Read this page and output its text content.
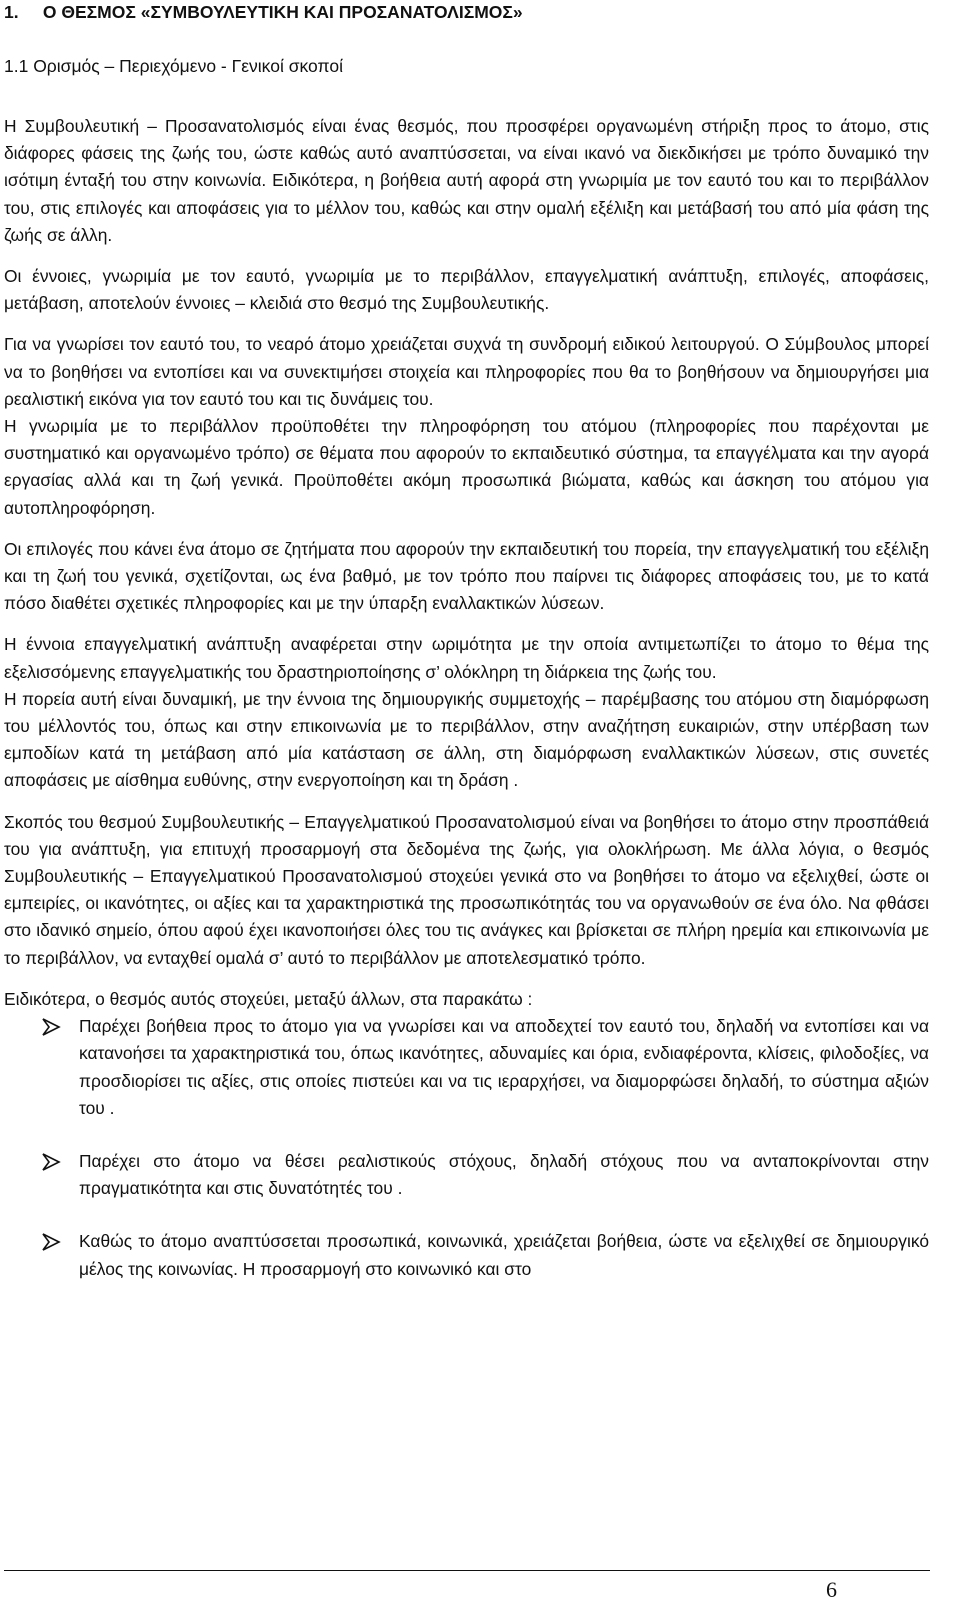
1.     Ο ΘΕΣΜΟΣ «ΣΥΜΒΟΥΛΕΥΤΙΚΗ ΚΑΙ ΠΡΟΣΑΝΑΤΟΛΙΣΜΟΣ»
1.1 Ορισμός – Περιεχόμενο - Γενικοί σκοποί

Η Συμβουλευτική – Προσανατολισμός είναι ένας θεσμός, που προσφέρει οργανωμένη στήριξη προς το άτομο, στις διάφορες φάσεις της ζωής του, ώστε καθώς αυτό αναπτύσσεται, να είναι ικανό να διεκδικήσει με τρόπο δυναμικό την ισότιμη ένταξή του στην κοινωνία. Ειδικότερα, η βοήθεια αυτή αφορά στη γνωριμία με τον εαυτό του και το περιβάλλον του, στις επιλογές και αποφάσεις για το μέλλον του, καθώς και στην ομαλή εξέλιξη και μετάβασή του από μία φάση της ζωής σε άλλη.

Οι έννοιες, γνωριμία με τον εαυτό, γνωριμία με το περιβάλλον, επαγγελματική ανάπτυξη, επιλογές, αποφάσεις, μετάβαση, αποτελούν έννοιες – κλειδιά στο θεσμό της Συμβουλευτικής.

Για να γνωρίσει τον εαυτό του, το νεαρό άτομο χρειάζεται συχνά τη συνδρομή ειδικού λειτουργού. Ο Σύμβουλος μπορεί να το βοηθήσει να εντοπίσει και να συνεκτιμήσει στοιχεία και πληροφορίες που θα το βοηθήσουν να δημιουργήσει μια ρεαλιστική εικόνα για τον εαυτό του και τις δυνάμεις του.

Η γνωριμία με το περιβάλλον προϋποθέτει την πληροφόρηση του ατόμου (πληροφορίες που παρέχονται με συστηματικό και οργανωμένο τρόπο) σε θέματα που αφορούν το εκπαιδευτικό σύστημα, τα επαγγέλματα και την αγορά εργασίας αλλά και τη ζωή γενικά. Προϋποθέτει ακόμη προσωπικά βιώματα, καθώς και άσκηση του ατόμου για αυτοπληροφόρηση.

Οι επιλογές που κάνει ένα άτομο σε ζητήματα που αφορούν την εκπαιδευτική του πορεία, την επαγγελματική του εξέλιξη και τη ζωή του γενικά, σχετίζονται, ως ένα βαθμό, με τον τρόπο που παίρνει τις διάφορες αποφάσεις του, με το κατά πόσο διαθέτει σχετικές πληροφορίες και με την ύπαρξη εναλλακτικών λύσεων.

Η έννοια επαγγελματική ανάπτυξη αναφέρεται στην ωριμότητα με την οποία αντιμετωπίζει το άτομο το θέμα της εξελισσόμενης επαγγελματικής του δραστηριοποίησης σ’ ολόκληρη τη διάρκεια της ζωής του.

Η πορεία αυτή είναι δυναμική, με την έννοια της δημιουργικής συμμετοχής – παρέμβασης του ατόμου στη διαμόρφωση του μέλλοντός του, όπως και στην επικοινωνία με το περιβάλλον, στην αναζήτηση ευκαιριών, στην υπέρβαση των εμποδίων κατά τη μετάβαση από μία κατάσταση σε άλλη, στη διαμόρφωση εναλλακτικών λύσεων, στις συνετές αποφάσεις με αίσθημα ευθύνης, στην ενεργοποίηση και τη δράση .

Σκοπός του θεσμού Συμβουλευτικής – Επαγγελματικού Προσανατολισμού είναι να βοηθήσει το άτομο στην προσπάθειά του για ανάπτυξη, για επιτυχή προσαρμογή στα δεδομένα της ζωής, για ολοκλήρωση. Με άλλα λόγια, ο θεσμός Συμβουλευτικής – Επαγγελματικού Προσανατολισμού στοχεύει γενικά στο να βοηθήσει το άτομο να εξελιχθεί, ώστε οι εμπειρίες, οι ικανότητες, οι αξίες και τα χαρακτηριστικά της προσωπικότητάς του να οργανωθούν σε ένα όλο. Να φθάσει στο ιδανικό σημείο, όπου αφού έχει ικανοποιήσει όλες του τις ανάγκες και βρίσκεται σε πλήρη ηρεμία και επικοινωνία με το περιβάλλον, να ενταχθεί ομαλά σ’ αυτό το περιβάλλον με αποτελεσματικό τρόπο.

Ειδικότερα, ο θεσμός αυτός στοχεύει, μεταξύ άλλων, στα παρακάτω :

Παρέχει βοήθεια προς το άτομο για να γνωρίσει και να αποδεχτεί τον εαυτό του, δηλαδή να εντοπίσει και να κατανοήσει τα χαρακτηριστικά του, όπως ικανότητες, αδυναμίες και όρια, ενδιαφέροντα, κλίσεις, φιλοδοξίες, να προσδιορίσει τις αξίες, στις οποίες πιστεύει και να τις ιεραρχήσει, να διαμορφώσει δηλαδή, το σύστημα αξιών του .
Παρέχει στο άτομο να θέσει ρεαλιστικούς στόχους, δηλαδή στόχους που να ανταποκρίνονται στην πραγματικότητα και στις δυνατότητές του .
Καθώς το άτομο αναπτύσσεται προσωπικά, κοινωνικά, χρειάζεται βοήθεια, ώστε να εξελιχθεί σε δημιουργικό μέλος της κοινωνίας. Η προσαρμογή στο κοινωνικό και στο
6
